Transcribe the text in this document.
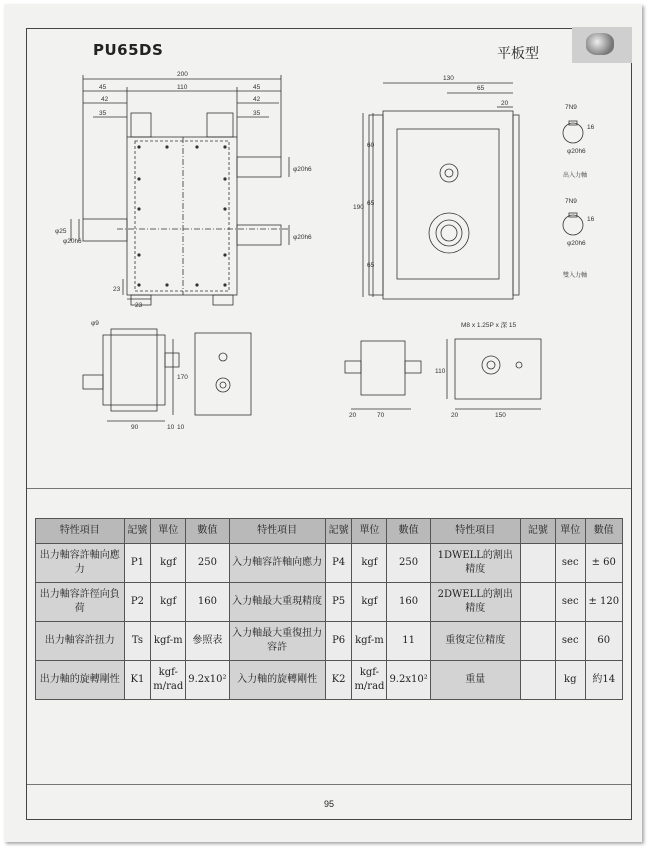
PU65DS	平板型
200
45	110	45
42	42
35	35
φ20h6
φ20h6
φ25
φ20h6
23
23
130
65
20
60
190
65
65
7N9
16
φ20h6
出入力軸
7N9
16
φ20h6
雙入力軸
φ9
170
90	10 10
20	70
M8 x 1.25P x 深 15
110
20	150
特性項目	記號	單位	數值	特性項目	記號	單位	數值	特性項目	記號	單位	數值
出力軸容許軸向應力	P1	kgf	250	入力軸容許軸向應力	P4	kgf	250	1DWELL的割出精度		sec	± 60
出力軸容許徑向負荷	P2	kgf	160	入力軸最大重現精度	P5	kgf	160	2DWELL的割出精度		sec	± 120
出力軸容許扭力	Ts	kgf-m	參照表	入力軸最大重復扭力容許	P6	kgf-m	11	重復定位精度		sec	60
出力軸的旋轉剛性	K1	kgf-m/rad	9.2x10²	入力軸的旋轉剛性	K2	kgf-m/rad	9.2x10²	重量		kg	約14
95
